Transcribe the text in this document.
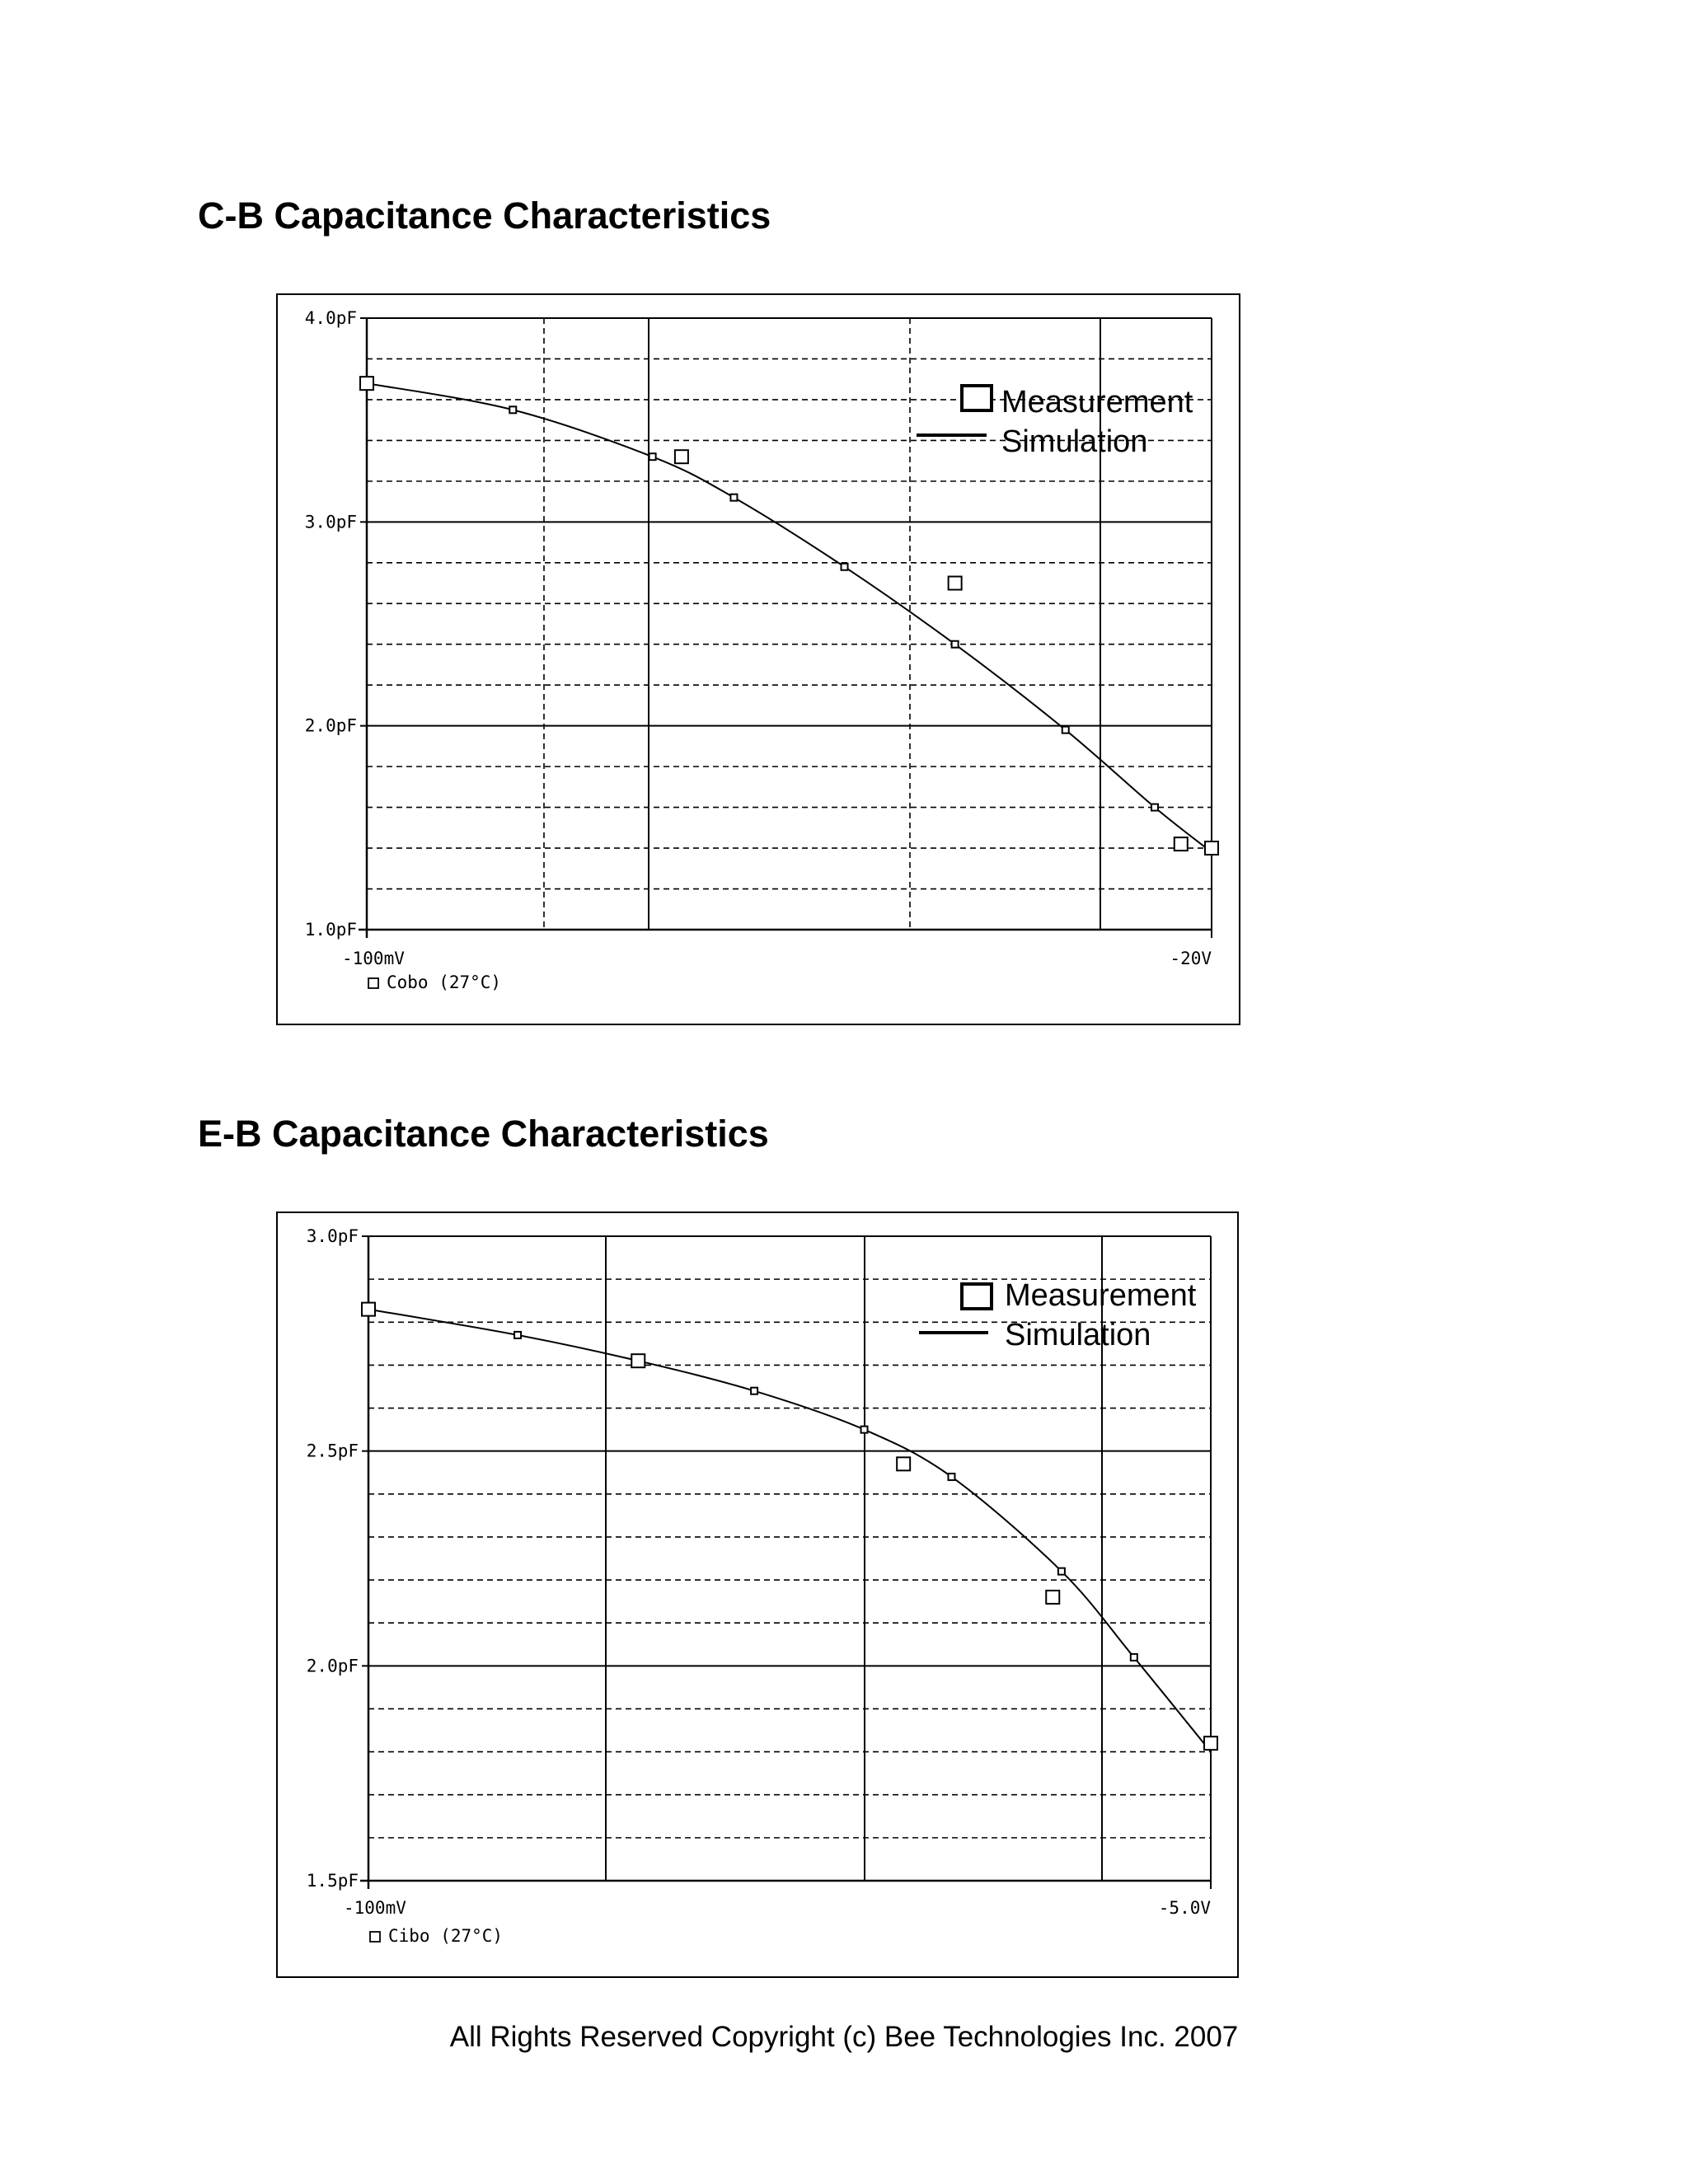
C-B Capacitance Characteristics
4.0pF
3.0pF
2.0pF
1.0pF
-100mV	-20V
Cobo (27°C)
Measurement
Simulation
E-B Capacitance Characteristics
3.0pF
2.5pF
2.0pF
1.5pF
-100mV	-5.0V
Cibo (27°C)
Measurement
Simulation
All Rights Reserved Copyright (c) Bee Technologies Inc. 2007
